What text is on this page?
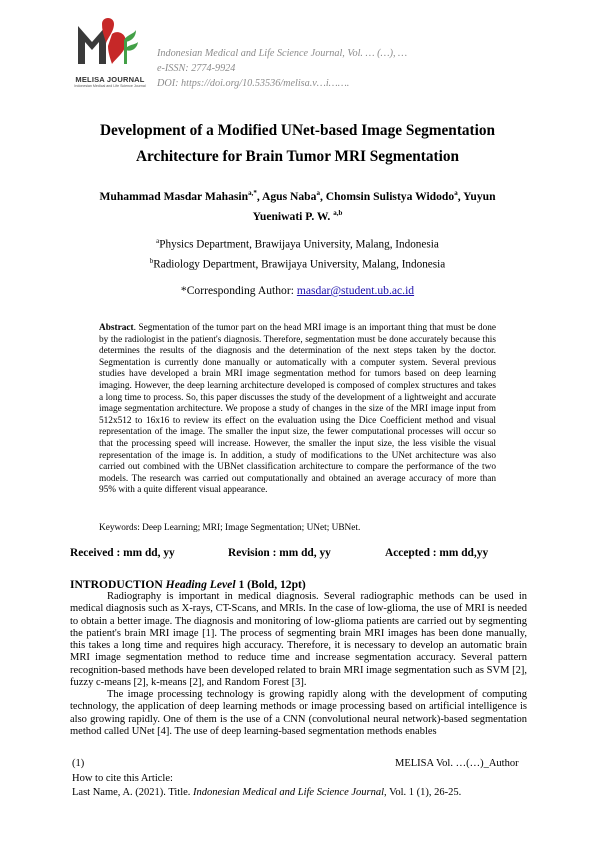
MELISA JOURNAL
Indonesian Medical and Life Science Journal
Indonesian Medical and Life Science Journal, Vol. … (…), …
e-ISSN: 2774-9924
DOI: https://doi.org/10.53536/melisa.v…i…….
Development of a Modified UNet-based Image Segmentation
Architecture for Brain Tumor MRI Segmentation
Muhammad Masdar Mahasin$^{a,*}$, Agus Naba$^a$, Chomsin Sulistya Widodo$^a$, Yuyun
Yueniwati P. W. $^{a,b}$
$^a$Physics Department, Brawijaya University, Malang, Indonesia
$^b$Radiology Department, Brawijaya University, Malang, Indonesia
*Corresponding Author: masdar@student.ub.ac.id
Abstract. Segmentation of the tumor part on the head MRI image is an important thing that must be done by the radiologist in the patient's diagnosis. Therefore, segmentation must be done accurately because this determines the results of the diagnosis and the determination of the next steps taken by the doctor. Segmentation is currently done manually or automatically with a computer system. Several previous studies have developed a brain MRI image segmentation method for tumors based on deep learning imaging. However, the deep learning architecture developed is composed of complex structures and takes a long time to process. So, this paper discusses the study of the development of a lightweight and accurate image segmentation architecture. We propose a study of changes in the size of the MRI image input from 512x512 to 16x16 to review its effect on the evaluation using the Dice Coefficient method and visual representation of the image. The smaller the input size, the fewer computational processes will occur so that the processing speed will increase. However, the smaller the input size, the less visible the visual representation of the image is. In addition, a study of modifications to the UNet architecture was also carried out combined with the UBNet classification architecture to compare the performance of the two models. The research was carried out computationally and obtained an average accuracy of more than 95% with a quite different visual appearance.
Keywords: Deep Learning; MRI; Image Segmentation; UNet; UBNet.
Received : mm dd, yy	Revision : mm dd, yy	Accepted : mm dd,yy
INTRODUCTION Heading Level 1 (Bold, 12pt)

Radiography is important in medical diagnosis. Several radiographic methods can be used in medical diagnosis such as X-rays, CT-Scans, and MRIs. In the case of low-glioma, the use of MRI is needed to obtain a better image. The diagnosis and monitoring of low-glioma patients are carried out by segmenting the patient's brain MRI image [1]. The process of segmenting brain MRI images has been done manually, this takes a long time and requires high accuracy. Therefore, it is necessary to develop an automatic brain MRI image segmentation method to reduce time and increase segmentation accuracy. Several pattern recognition-based methods have been developed related to brain MRI image segmentation such as SVM [2], fuzzy c-means [2], k-means [2], and Random Forest [3].

The image processing technology is growing rapidly along with the development of computing technology, the application of deep learning methods or image processing based on artificial intelligence is also growing rapidly. One of them is the use of a CNN (convolutional neural network)-based segmentation method called UNet [4]. The use of deep learning-based segmentation methods enables

(1)	MELISA Vol. …(…)_Author
How to cite this Article:
Last Name, A. (2021). Title. Indonesian Medical and Life Science Journal, Vol. 1 (1), 26-25.
